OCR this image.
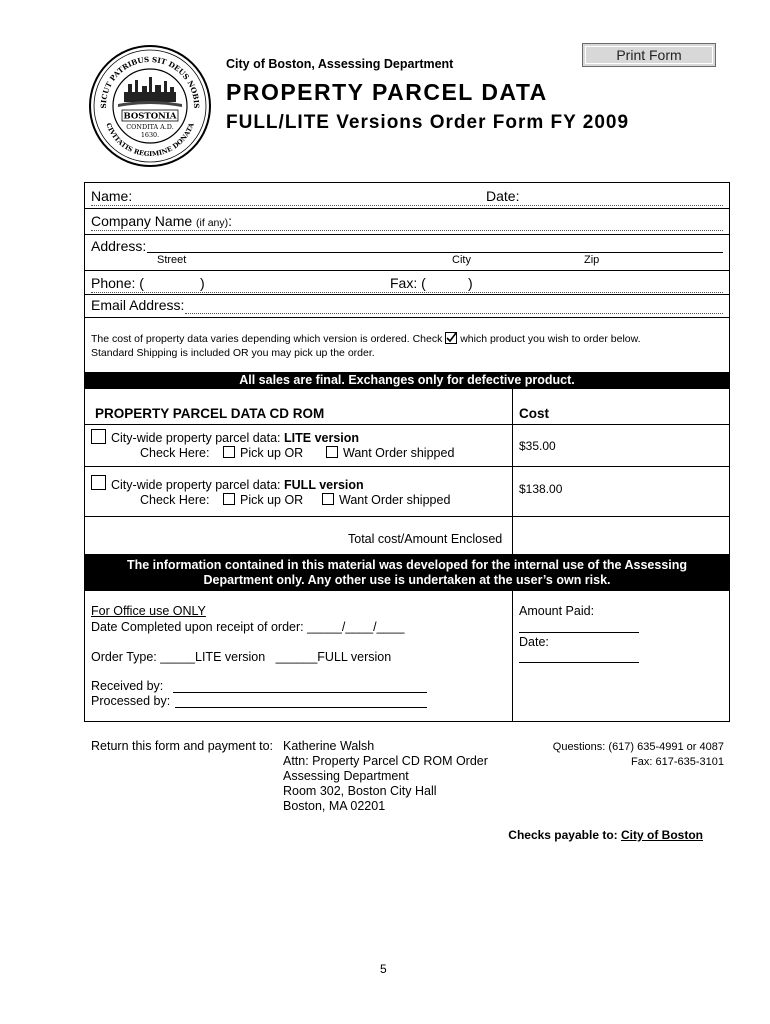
SICUT PATRIBUS SIT DEUS NOBIS
CIVITATIS REGIMINE DONATA
BOSTONIA
CONDITA A.D.
1630.
City of Boston, Assessing Department
PROPERTY PARCEL DATA
FULL/LITE Versions Order Form FY 2009
Print Form
Name:	Date:
Company Name (if any):
Address:
Street	City	Zip
Phone: (	)	Fax: (	)
Email Address:
The cost of property data varies depending which version is ordered. Check which product you wish to order below.
Standard Shipping is included OR you may pick up the order.
All sales are final. Exchanges only for defective product.
PROPERTY PARCEL DATA CD ROM	Cost
City-wide property parcel data: LITE version
Check Here: Pick up OR	Want Order shipped	$35.00
City-wide property parcel data: FULL version
Check Here: Pick up OR	Want Order shipped
$138.00
Total cost/Amount Enclosed
The information contained in this material was developed for the internal use of the Assessing
Department only. Any other use is undertaken at the user’s own risk.
For Office use ONLY
Date Completed upon receipt of order: _____/____/____
Order Type: _____LITE version   ______FULL version
Received by:
Processed by:
Amount Paid:
Date:
Return this form and payment to: Katherine Walsh
Attn: Property Parcel CD ROM Order
Assessing Department
Room 302, Boston City Hall
Boston, MA 02201
Questions: (617) 635-4991 or 4087
Fax: 617-635-3101
Checks payable to: City of Boston
5
